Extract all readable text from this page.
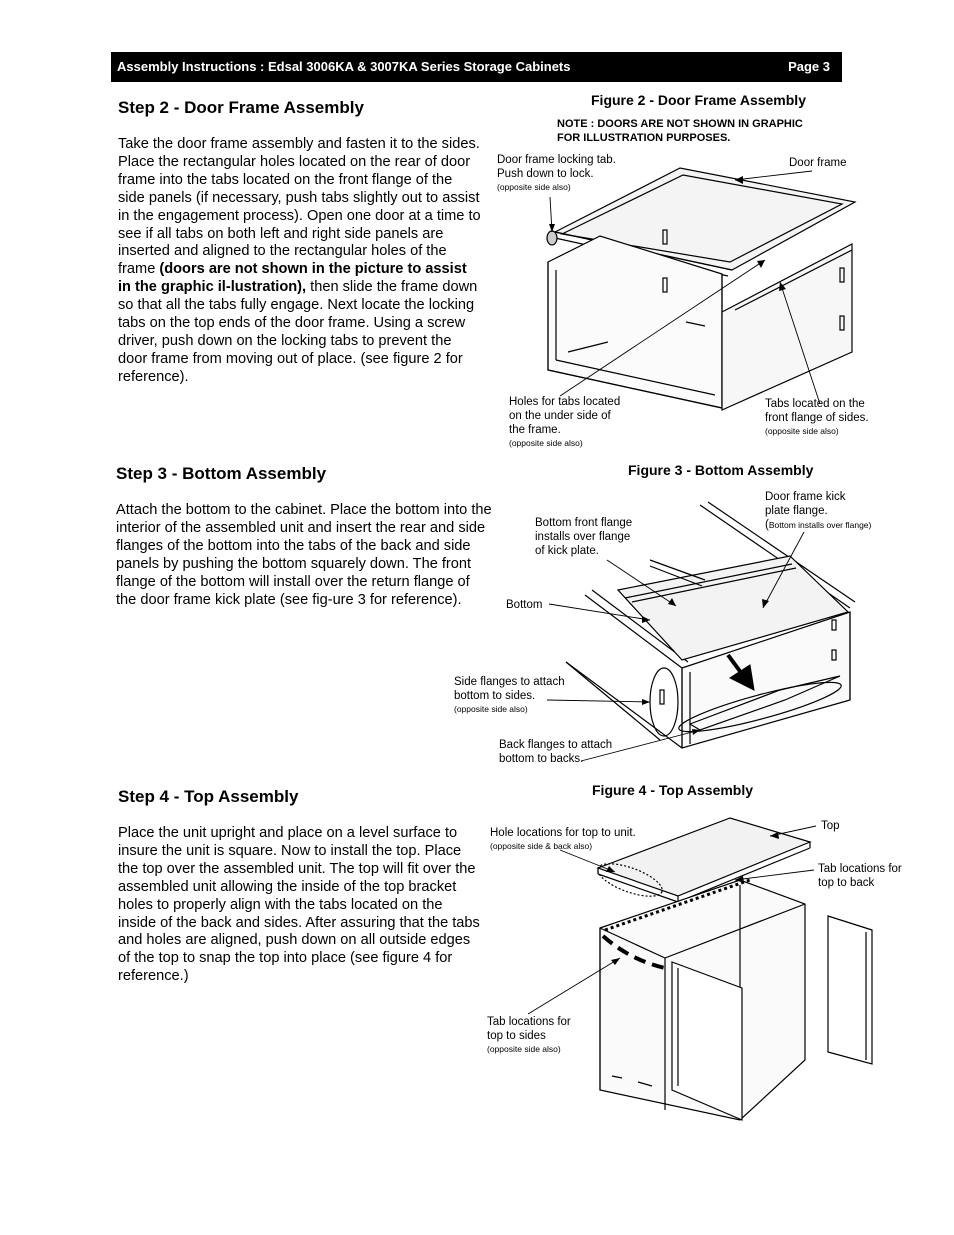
Assembly Instructions : Edsal 3006KA & 3007KA Series Storage Cabinets	Page 3
Step 2 - Door Frame Assembly
Take the door frame assembly and fasten it to the sides. Place the rectangular holes located on the rear of door frame into the tabs located on the front flange of the side panels (if necessary, push tabs slightly out to assist in the engagement process). Open one door at a time to see if all tabs on both left and right side panels are inserted and aligned to the rectangular holes of the frame (doors are not shown in the picture to assist in the graphic il-lustration), then slide the frame down so that all the tabs fully engage. Next locate the locking tabs on the top ends of the door frame. Using a screw driver, push down on the locking tabs to prevent the door frame from moving out of place. (see figure 2 for reference).
Figure 2 - Door Frame Assembly
NOTE : DOORS ARE NOT SHOWN IN GRAPHIC
FOR ILLUSTRATION PURPOSES.
Door frame locking tab.
Push down to lock.
(opposite side also)
Door frame
Holes for tabs located
on the under side of
the frame.
(opposite side also)
Tabs located on the
front flange of sides.
(opposite side also)
Step 3 - Bottom Assembly
Attach the bottom to the cabinet. Place the bottom into the interior of the assembled unit and insert the rear and side flanges of the bottom into the tabs of the back and side panels by pushing the bottom squarely down. The front flange of the bottom will install over the return flange of the door frame kick plate (see fig-ure 3 for reference).
Figure 3 - Bottom Assembly
Door frame kick
plate flange.
(Bottom installs over flange)
Bottom front flange
installs over flange
of kick plate.
Bottom
Side flanges to attach
bottom to sides.
(opposite side also)
Back flanges to attach
bottom to backs.
Step 4 - Top Assembly
Place the unit upright and place on a level surface to insure the unit is square. Now to install the top. Place the top over the assembled unit. The top will fit over the assembled unit allowing the inside of the top bracket holes to properly align with the tabs located on the inside of the back and sides. After assuring that the tabs and holes are aligned, push down on all outside edges of the top to snap the top into place (see figure 4 for reference.)
Figure 4 - Top Assembly
Hole locations for top to unit.
(opposite side & back also)
Top
Tab locations for
top to back
Tab locations for
top to sides
(opposite side also)
